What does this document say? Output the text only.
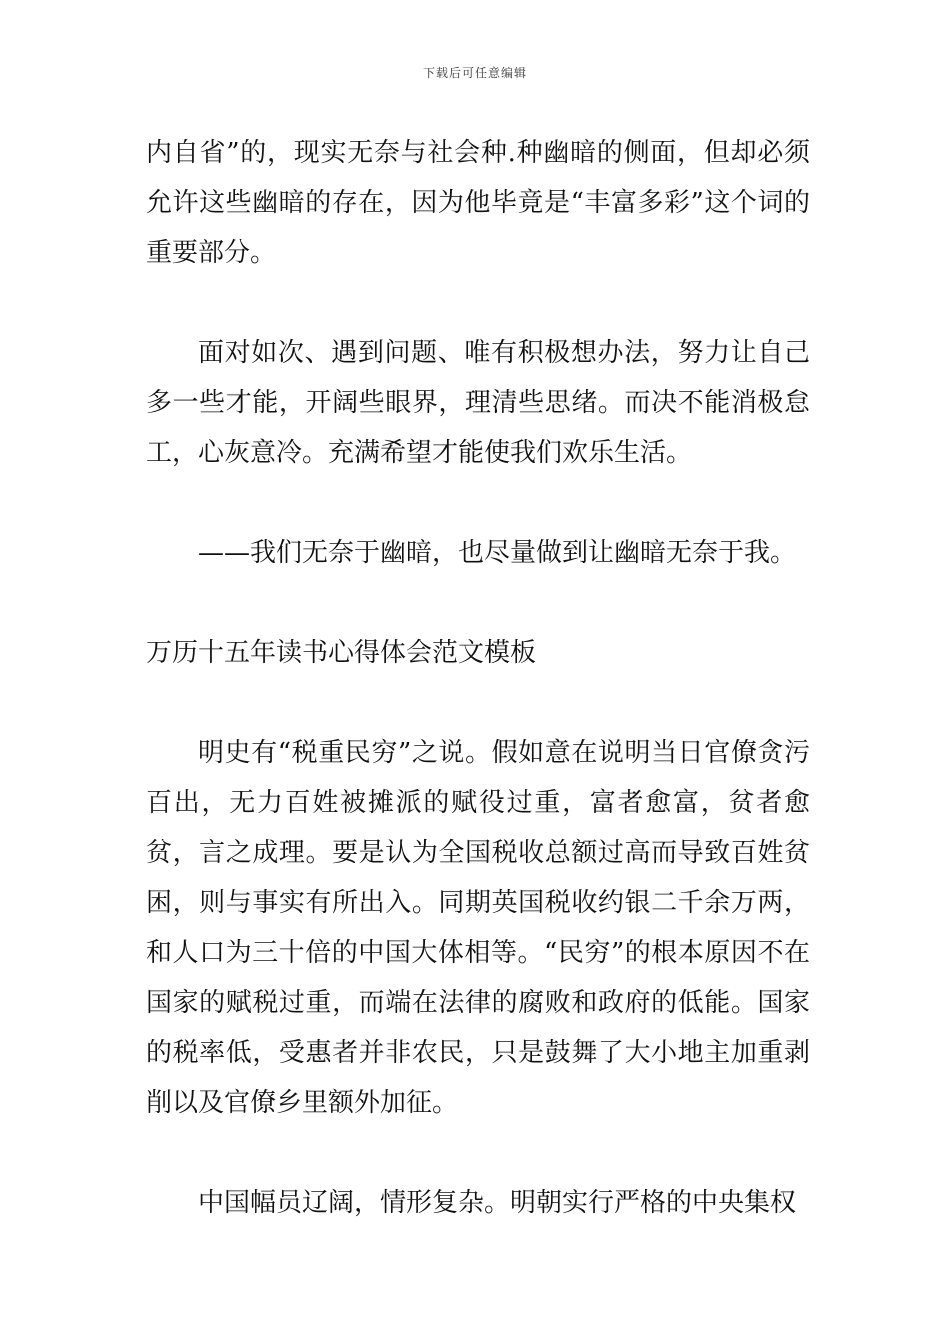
下载后可任意编辑

内自省”的，现实无奈与社会种.种幽暗的侧面，但却必须允许这些幽暗的存在，因为他毕竟是“丰富多彩”这个词的重要部分。

面对如次、遇到问题、唯有积极想办法，努力让自己多一些才能，开阔些眼界，理清些思绪。而决不能消极怠工，心灰意冷。充满希望才能使我们欢乐生活。

——我们无奈于幽暗，也尽量做到让幽暗无奈于我。

万历十五年读书心得体会范文模板

明史有“税重民穷”之说。假如意在说明当日官僚贪污百出，无力百姓被摊派的赋役过重，富者愈富，贫者愈贫，言之成理。要是认为全国税收总额过高而导致百姓贫困，则与事实有所出入。同期英国税收约银二千余万两，和人口为三十倍的中国大体相等。“民穷”的根本原因不在国家的赋税过重，而端在法律的腐败和政府的低能。国家的税率低，受惠者并非农民，只是鼓舞了大小地主加重剥削以及官僚乡里额外加征。

中国幅员辽阔，情形复杂。明朝实行严格的中央集权
